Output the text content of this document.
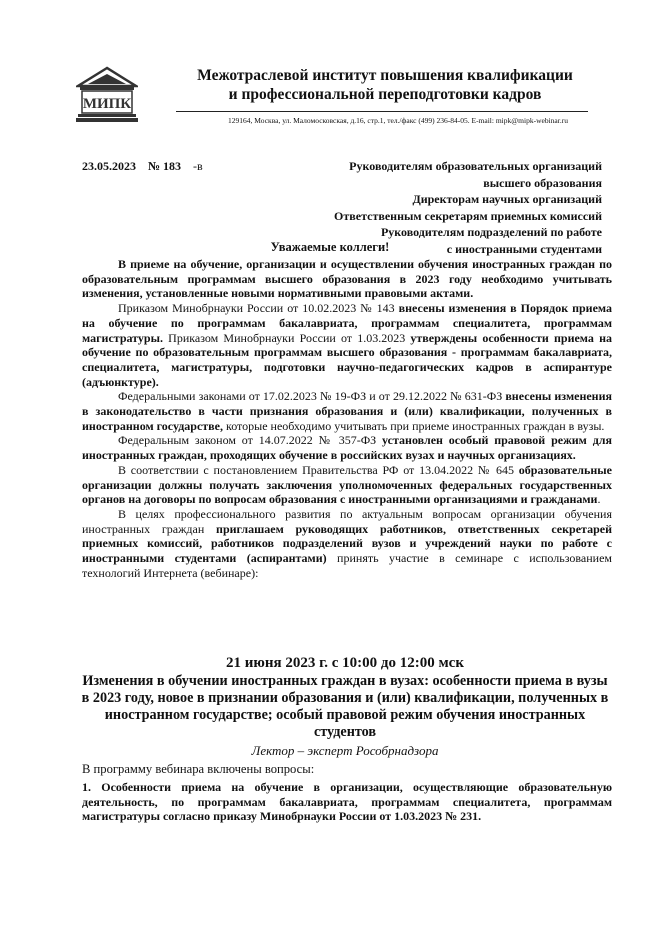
МИПК
Межотраслевой институт повышения квалификации
и профессиональной переподготовки кадров
129164, Москва, ул. Маломосковская, д.16, стр.1, тел./факс (499) 236-84-05. E-mail: mipk@mipk-webinar.ru
23.05.2023 № 183 -в	Руководителям образовательных организаций
высшего образования
Директорам научных организаций
Ответственным секретарям приемных комиссий
Руководителям подразделений по работе
с иностранными студентами
Уважаемые коллеги!

В приеме на обучение, организации и осуществлении обучения иностранных граждан по образовательным программам высшего образования в 2023 году необходимо учитывать изменения, установленные новыми нормативными правовыми актами.

Приказом Минобрнауки России от 10.02.2023 № 143 внесены изменения в Порядок приема на обучение по программам бакалавриата, программам специалитета, программам магистратуры. Приказом Минобрнауки России от 1.03.2023 утверждены особенности приема на обучение по образовательным программам высшего образования - программам бакалавриата, специалитета, магистратуры, подготовки научно-педагогических кадров в аспирантуре (адъюнктуре).

Федеральными законами от 17.02.2023 № 19-ФЗ и от 29.12.2022 № 631-ФЗ внесены изменения в законодательство в части признания образования и (или) квалификации, полученных в иностранном государстве, которые необходимо учитывать при приеме иностранных граждан в вузы.

Федеральным законом от 14.07.2022 № 357-ФЗ установлен особый правовой режим для иностранных граждан, проходящих обучение в российских вузах и научных организациях.

В соответствии с постановлением Правительства РФ от 13.04.2022 № 645 образовательные организации должны получать заключения уполномоченных федеральных государственных органов на договоры по вопросам образования с иностранными организациями и гражданами.

В целях профессионального развития по актуальным вопросам организации обучения иностранных граждан приглашаем руководящих работников, ответственных секретарей приемных комиссий, работников подразделений вузов и учреждений науки по работе с иностранными студентами (аспирантами) принять участие в семинаре с использованием технологий Интернета (вебинаре):

21 июня 2023 г. с 10:00 до 12:00 мск
Изменения в обучении иностранных граждан в вузах: особенности приема в вузы в 2023 году, новое в признании образования и (или) квалификации, полученных в иностранном государстве; особый правовой режим обучения иностранных студентов
Лектор – эксперт Рособрнадзора
В программу вебинара включены вопросы:
1. Особенности приема на обучение в организации, осуществляющие образовательную деятельность, по программам бакалавриата, программам специалитета, программам магистратуры согласно приказу Минобрнауки России от 1.03.2023 № 231.
